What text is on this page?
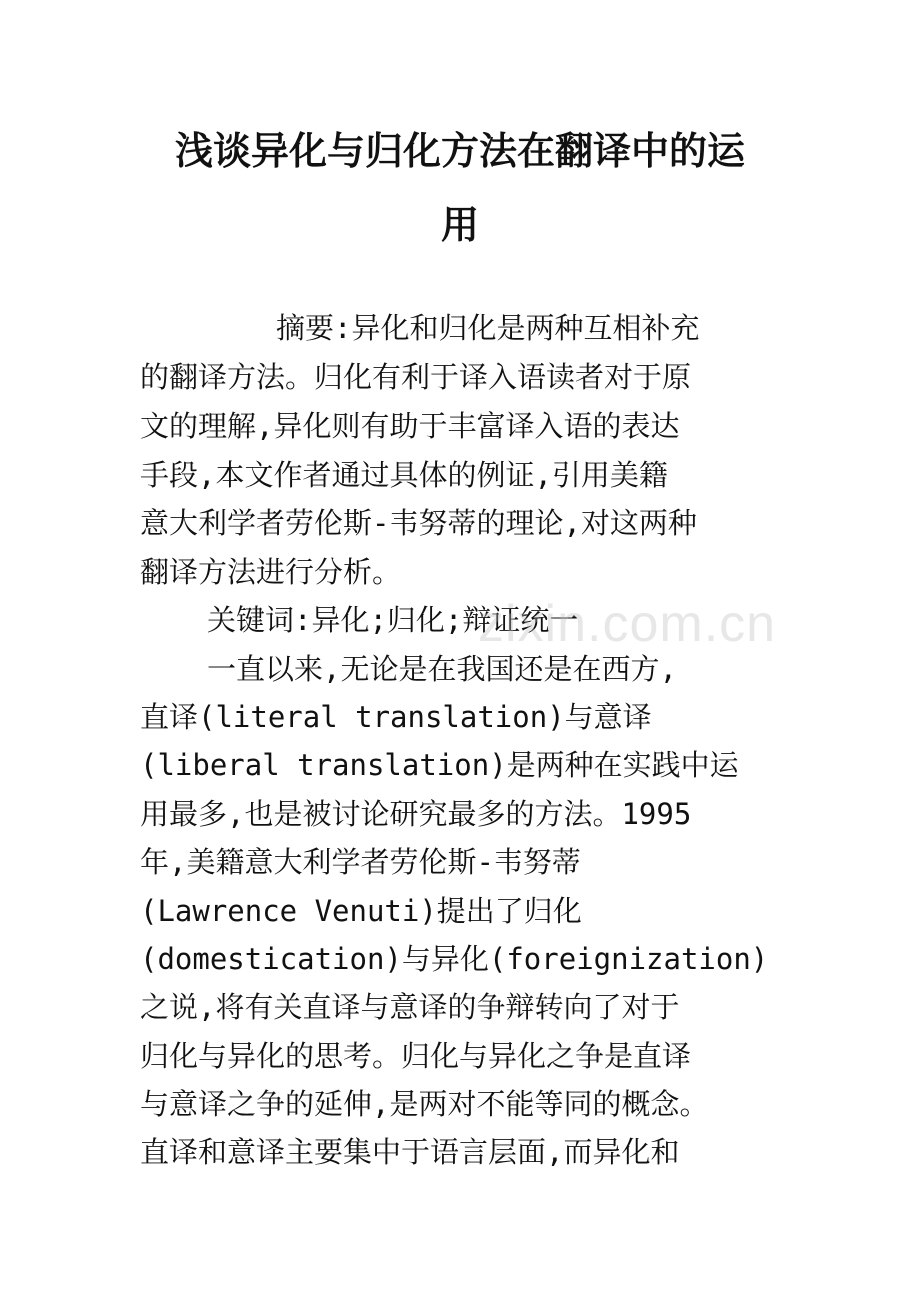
浅谈异化与归化方法在翻译中的运
用

摘要:异化和归化是两种互相补充

的翻译方法。归化有利于译入语读者对于原

文的理解,异化则有助于丰富译入语的表达

手段,本文作者通过具体的例证,引用美籍

意大利学者劳伦斯-韦努蒂的理论,对这两种

翻译方法进行分析。

关键词:异化;归化;辩证统一

一直以来,无论是在我国还是在西方,

直译(literal translation)与意译

(liberal translation)是两种在实践中运

用最多,也是被讨论研究最多的方法。1995

年,美籍意大利学者劳伦斯-韦努蒂

(Lawrence Venuti)提出了归化

(domestication)与异化(foreignization)

之说,将有关直译与意译的争辩转向了对于

归化与异化的思考。归化与异化之争是直译

与意译之争的延伸,是两对不能等同的概念。

直译和意译主要集中于语言层面,而异化和

zixin.com.cn
